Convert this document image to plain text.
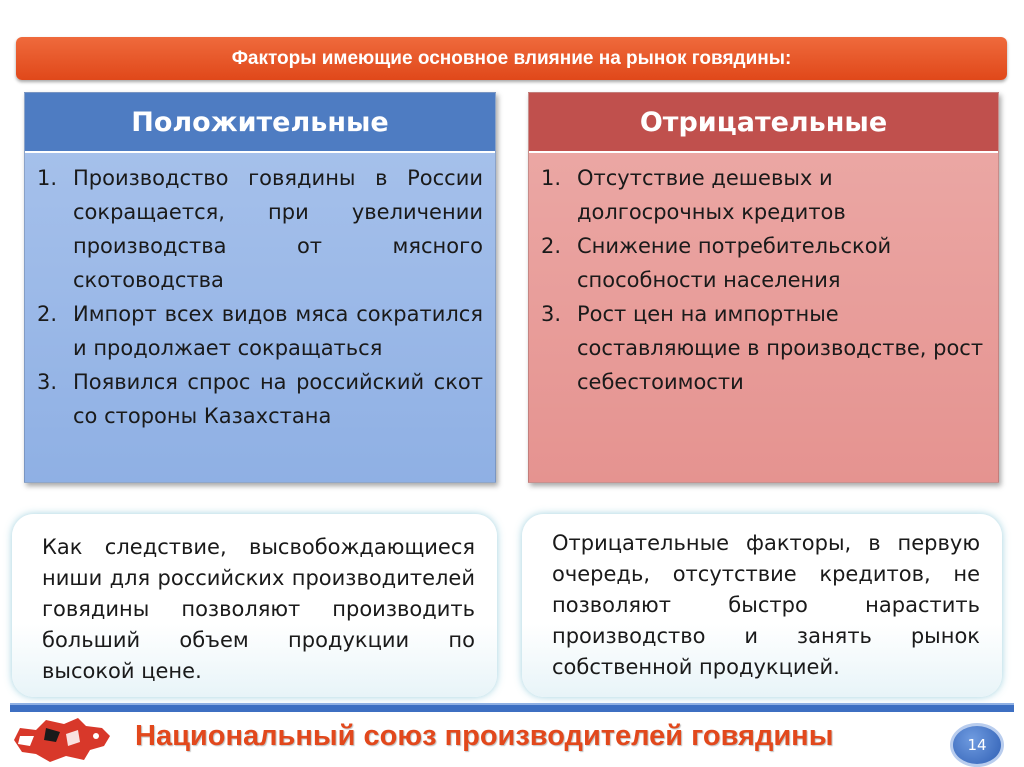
Факторы имеющие основное влияние на рынок говядины:
Положительные
1. Производство говядины в России сокращается, при увеличении производства от мясного скотоводства
2. Импорт всех видов мяса сократился и продолжает сокращаться
3. Появился спрос на российский скот со стороны Казахстана
Отрицательные
1. Отсутствие дешевых и долгосрочных кредитов
2. Снижение потребительской способности населения
3. Рост цен на импортные составляющие в производстве, рост себестоимости
Как следствие, высвобождающиеся ниши для российских производителей говядины позволяют производить больший объем продукции по высокой цене.
Отрицательные факторы, в первую очередь, отсутствие кредитов, не позволяют быстро нарастить производство и занять рынок собственной продукцией.
Национальный союз производителей говядины	14
